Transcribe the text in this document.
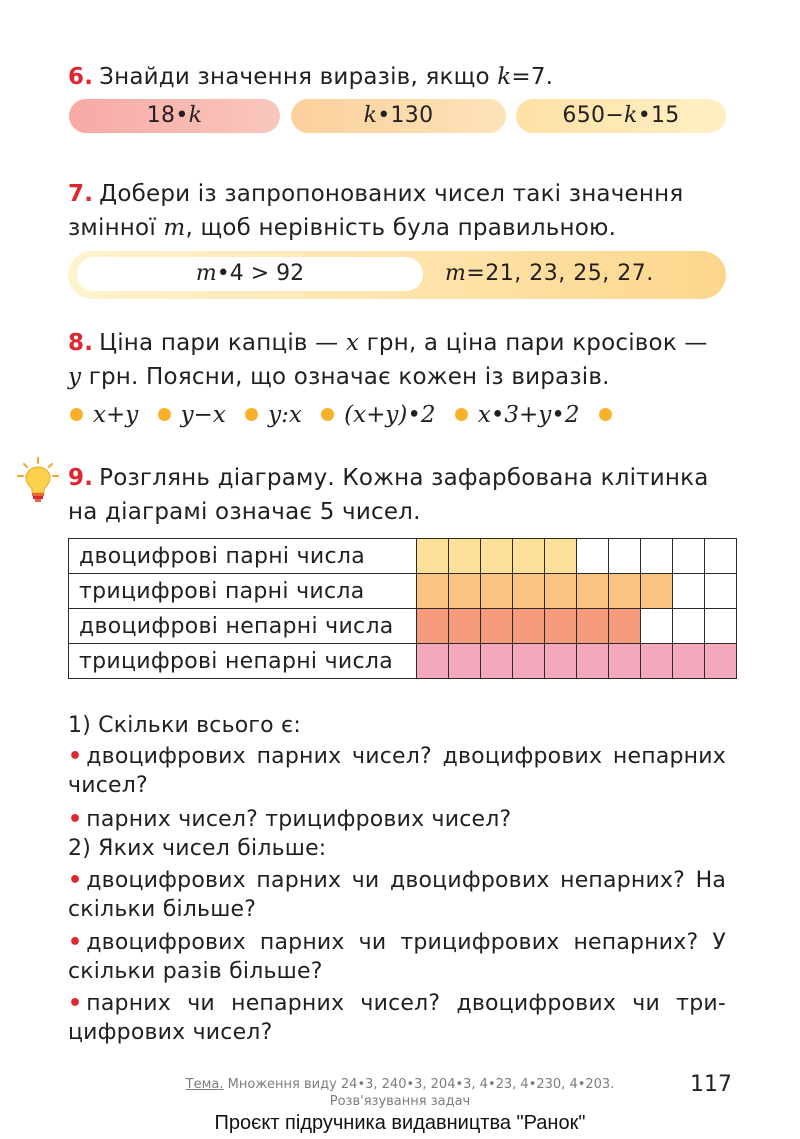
6. Знайди значення виразів, якщо k=7.
18•k	k•130	650−k•15
7. Добери із запропонованих чисел такі значення
змінної m, щоб нерівність була правильною.
m•4 > 92	m=21, 23, 25, 27.
8. Ціна пари капців — x грн, а ціна пари кросівок —
y грн. Поясни, що означає кожен із виразів.
x+y y−x y:x (x+y)•2 x•3+y•2
9. Розглянь діаграму. Кожна зафарбована клітинка
на діаграмі означає 5 чисел.
двоцифрові парні числа										
трицифрові парні числа										
двоцифрові непарні числа										
трицифрові непарні числа										
1) Скільки всього є:
• двоцифрових парних чисел? двоцифрових непарних чисел?
• парних чисел? трицифрових чисел?
2) Яких чисел більше:
• двоцифрових парних чи двоцифрових непарних? На скільки більше?
• двоцифрових парних чи трицифрових непарних? У скільки разів більше?
• парних чи непарних чисел? двоцифрових чи три-цифрових чисел?
Тема. Множення виду 24•3, 240•3, 204•3, 4•23, 4•230, 4•203.
Розв'язування задач
117
Проєкт підручника видавництва "Ранок"
